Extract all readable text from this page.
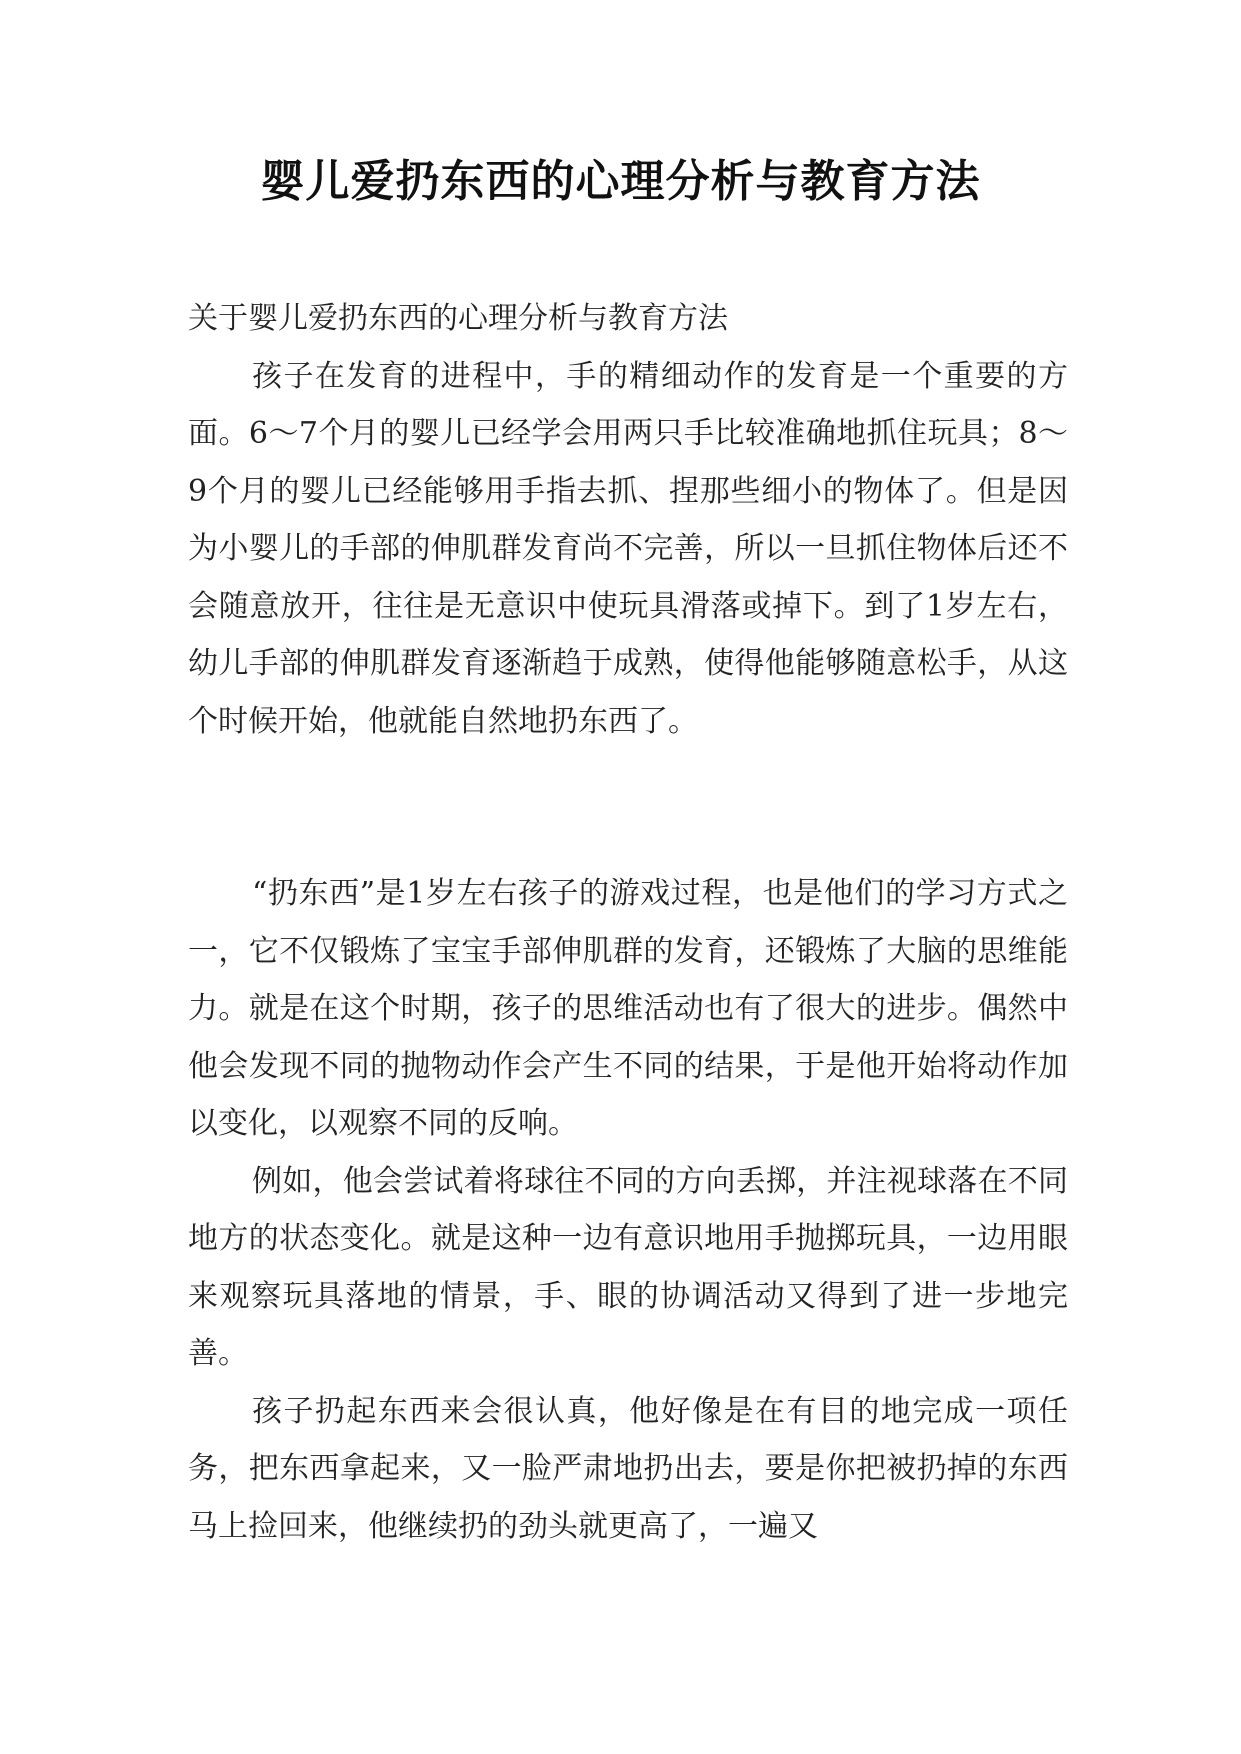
婴儿爱扔东西的心理分析与教育方法

关于婴儿爱扔东西的心理分析与教育方法

孩子在发育的进程中，手的精细动作的发育是一个重要的方面。6～7个月的婴儿已经学会用两只手比较准确地抓住玩具；8～9个月的婴儿已经能够用手指去抓、捏那些细小的物体了。但是因为小婴儿的手部的伸肌群发育尚不完善，所以一旦抓住物体后还不会随意放开，往往是无意识中使玩具滑落或掉下。到了1岁左右，幼儿手部的伸肌群发育逐渐趋于成熟，使得他能够随意松手，从这个时候开始，他就能自然地扔东西了。

“扔东西”是1岁左右孩子的游戏过程，也是他们的学习方式之一，它不仅锻炼了宝宝手部伸肌群的发育，还锻炼了大脑的思维能力。就是在这个时期，孩子的思维活动也有了很大的进步。偶然中他会发现不同的抛物动作会产生不同的结果，于是他开始将动作加以变化，以观察不同的反响。

例如，他会尝试着将球往不同的方向丢掷，并注视球落在不同地方的状态变化。就是这种一边有意识地用手抛掷玩具，一边用眼来观察玩具落地的情景，手、眼的协调活动又得到了进一步地完善。

孩子扔起东西来会很认真，他好像是在有目的地完成一项任务，把东西拿起来，又一脸严肃地扔出去，要是你把被扔掉的东西马上捡回来，他继续扔的劲头就更高了，一遍又
